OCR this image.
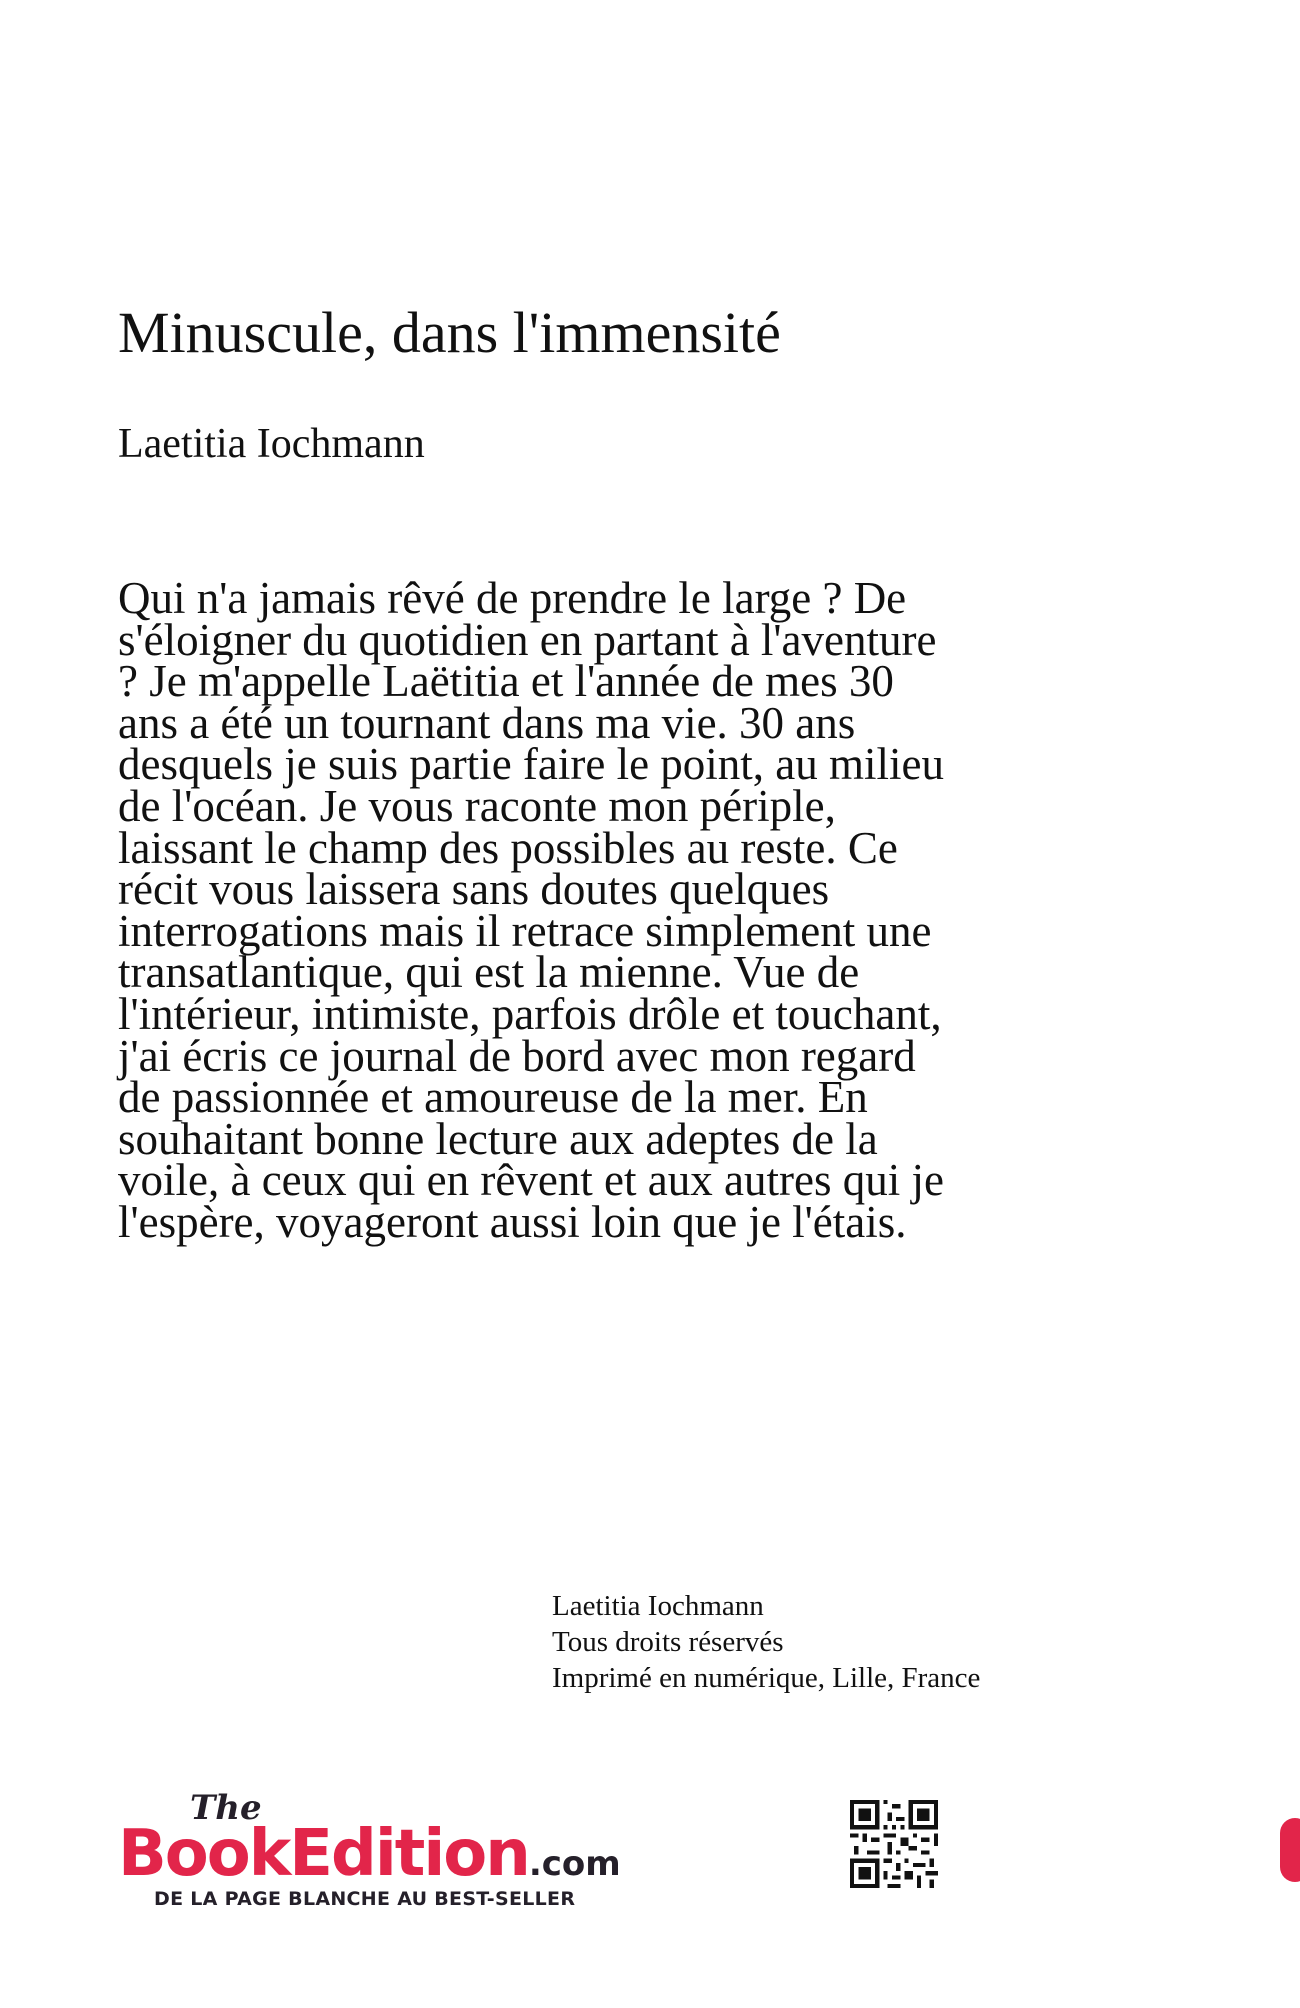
Minuscule, dans l'immensité
Laetitia Iochmann

Qui n'a jamais rêvé de prendre le large ? De s'éloigner du quotidien en partant à l'aventure ? Je m'appelle Laëtitia et l'année de mes 30 ans a été un tournant dans ma vie. 30 ans desquels je suis partie faire le point, au milieu de l'océan. Je vous raconte mon périple, laissant le champ des possibles au reste. Ce récit vous laissera sans doutes quelques interrogations mais il retrace simplement une transatlantique, qui est la mienne. Vue de l'intérieur, intimiste, parfois drôle et touchant, j'ai écris ce journal de bord avec mon regard de passionnée et amoureuse de la mer. En souhaitant bonne lecture aux adeptes de la voile, à ceux qui en rêvent et aux autres qui je l'espère, voyageront aussi loin que je l'étais.

Laetitia Iochmann
Tous droits réservés
Imprimé en numérique, Lille, France
The
BookEdition.com
DE LA PAGE BLANCHE AU BEST-SELLER
